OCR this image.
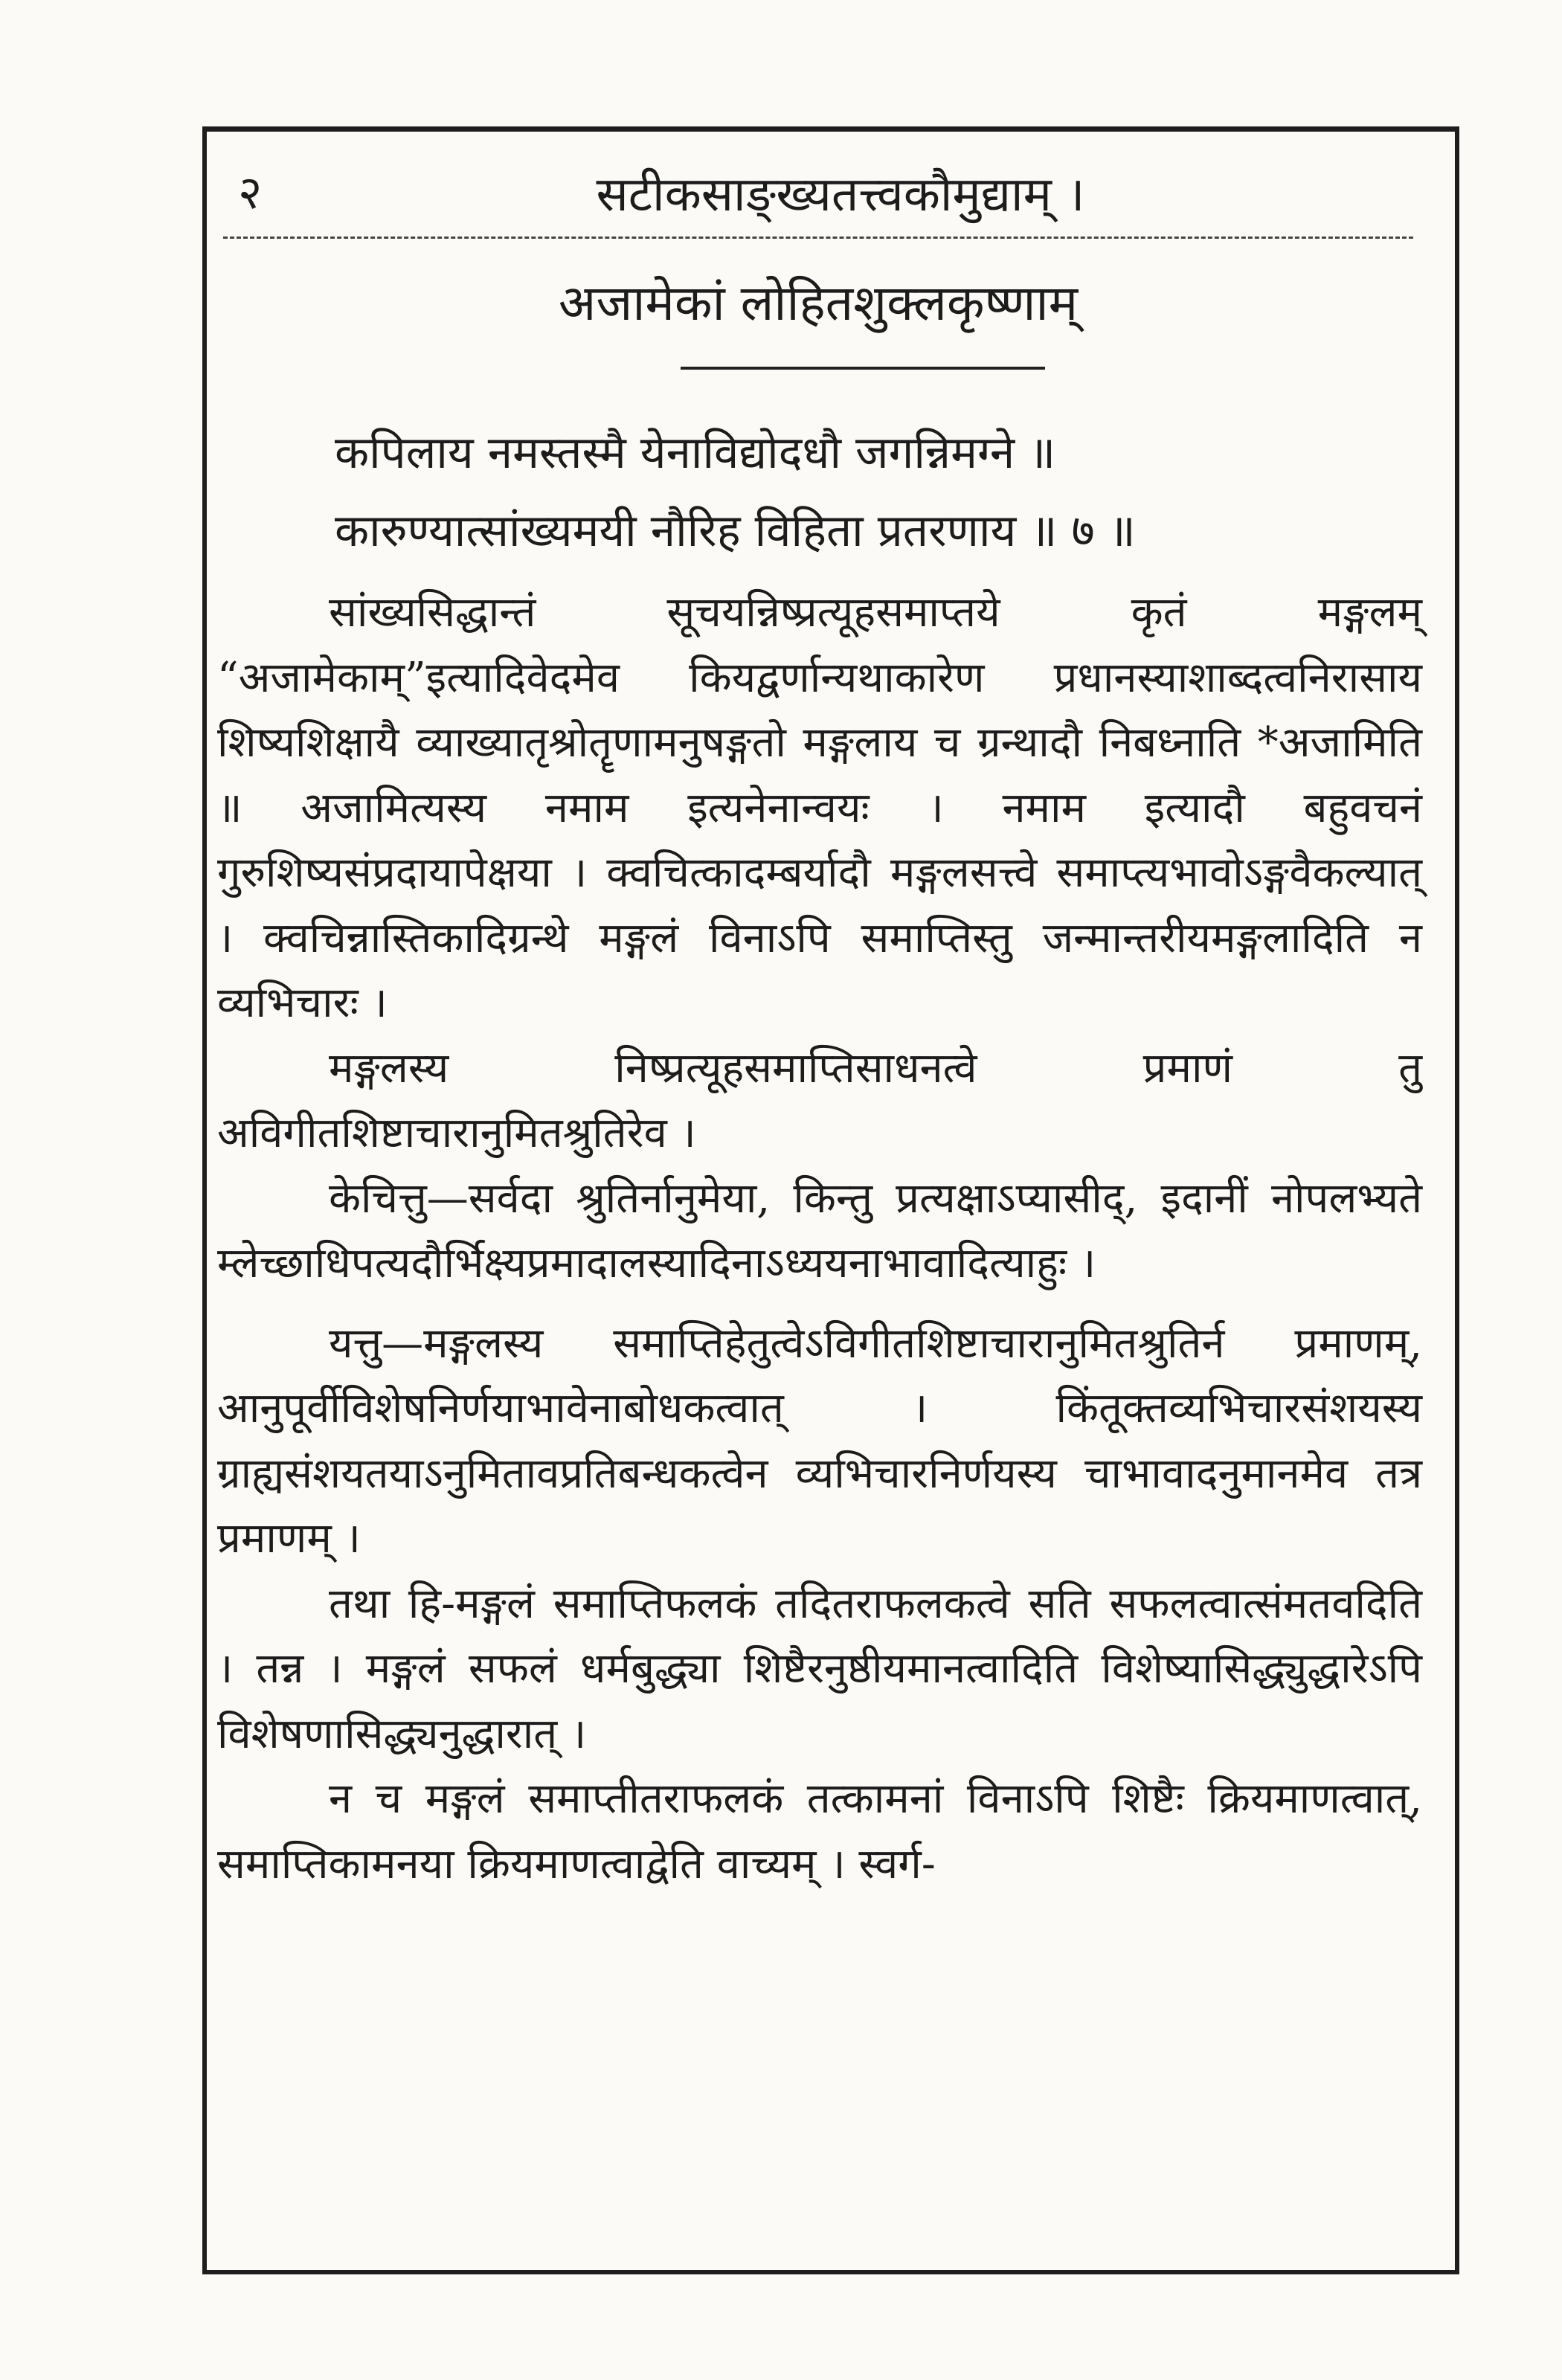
२	सटीकसाङ्ख्यतत्त्वकौमुद्याम् ।
अजामेकां लोहितशुक्लकृष्णाम्
कपिलाय नमस्तस्मै येनाविद्योदधौ जगन्निमग्ने ॥
कारुण्यात्सांख्यमयी नौरिह विहिता प्रतरणाय ॥ ७ ॥

सांख्यसिद्धान्तं सूचयन्निष्प्रत्यूहसमाप्तये कृतं मङ्गलम् “अजामेकाम्”इत्यादिवेदमेव कियद्वर्णान्यथाकारेण प्रधानस्याशाब्दत्वनिरासाय शिष्यशिक्षायै व्याख्यातृश्रोतॄणामनुषङ्गतो मङ्गलाय च ग्रन्थादौ निबध्नाति *अजामिति ॥ अजामित्यस्य नमाम इत्यनेनान्वयः । नमाम इत्यादौ बहुवचनं गुरुशिष्यसंप्रदायापेक्षया । क्वचित्कादम्बर्यादौ मङ्गलसत्त्वे समाप्त्यभावोऽङ्गवैकल्यात् । क्वचिन्नास्तिकादिग्रन्थे मङ्गलं विनाऽपि समाप्तिस्तु जन्मान्तरीयमङ्गलादिति न व्यभिचारः ।

मङ्गलस्य निष्प्रत्यूहसमाप्तिसाधनत्वे प्रमाणं तु अविगीतशिष्टाचारानुमितश्रुतिरेव ।

केचित्तु—सर्वदा श्रुतिर्नानुमेया, किन्तु प्रत्यक्षाऽप्यासीद्, इदानीं नोपलभ्यते म्लेच्छाधिपत्यदौर्भिक्ष्यप्रमादालस्यादिनाऽध्ययनाभावादित्याहुः ।

यत्तु—मङ्गलस्य समाप्तिहेतुत्वेऽविगीतशिष्टाचारानुमितश्रुतिर्न प्रमाणम्, आनुपूर्वीविशेषनिर्णयाभावेनाबोधकत्वात् । किंतूक्तव्यभिचारसंशयस्य ग्राह्यसंशयतयाऽनुमितावप्रतिबन्धकत्वेन व्यभिचारनिर्णयस्य चाभावादनुमानमेव तत्र प्रमाणम् ।

तथा हि-मङ्गलं समाप्तिफलकं तदितराफलकत्वे सति सफलत्वात्संमतवदिति । तन्न । मङ्गलं सफलं धर्मबुद्ध्या शिष्टैरनुष्ठीयमानत्वादिति विशेष्यासिद्ध्युद्धारेऽपि विशेषणासिद्ध्यनुद्धारात् ।

न च मङ्गलं समाप्तीतराफलकं तत्कामनां विनाऽपि शिष्टैः क्रियमाणत्वात्, समाप्तिकामनया क्रियमाणत्वाद्वेति वाच्यम् । स्वर्ग-
